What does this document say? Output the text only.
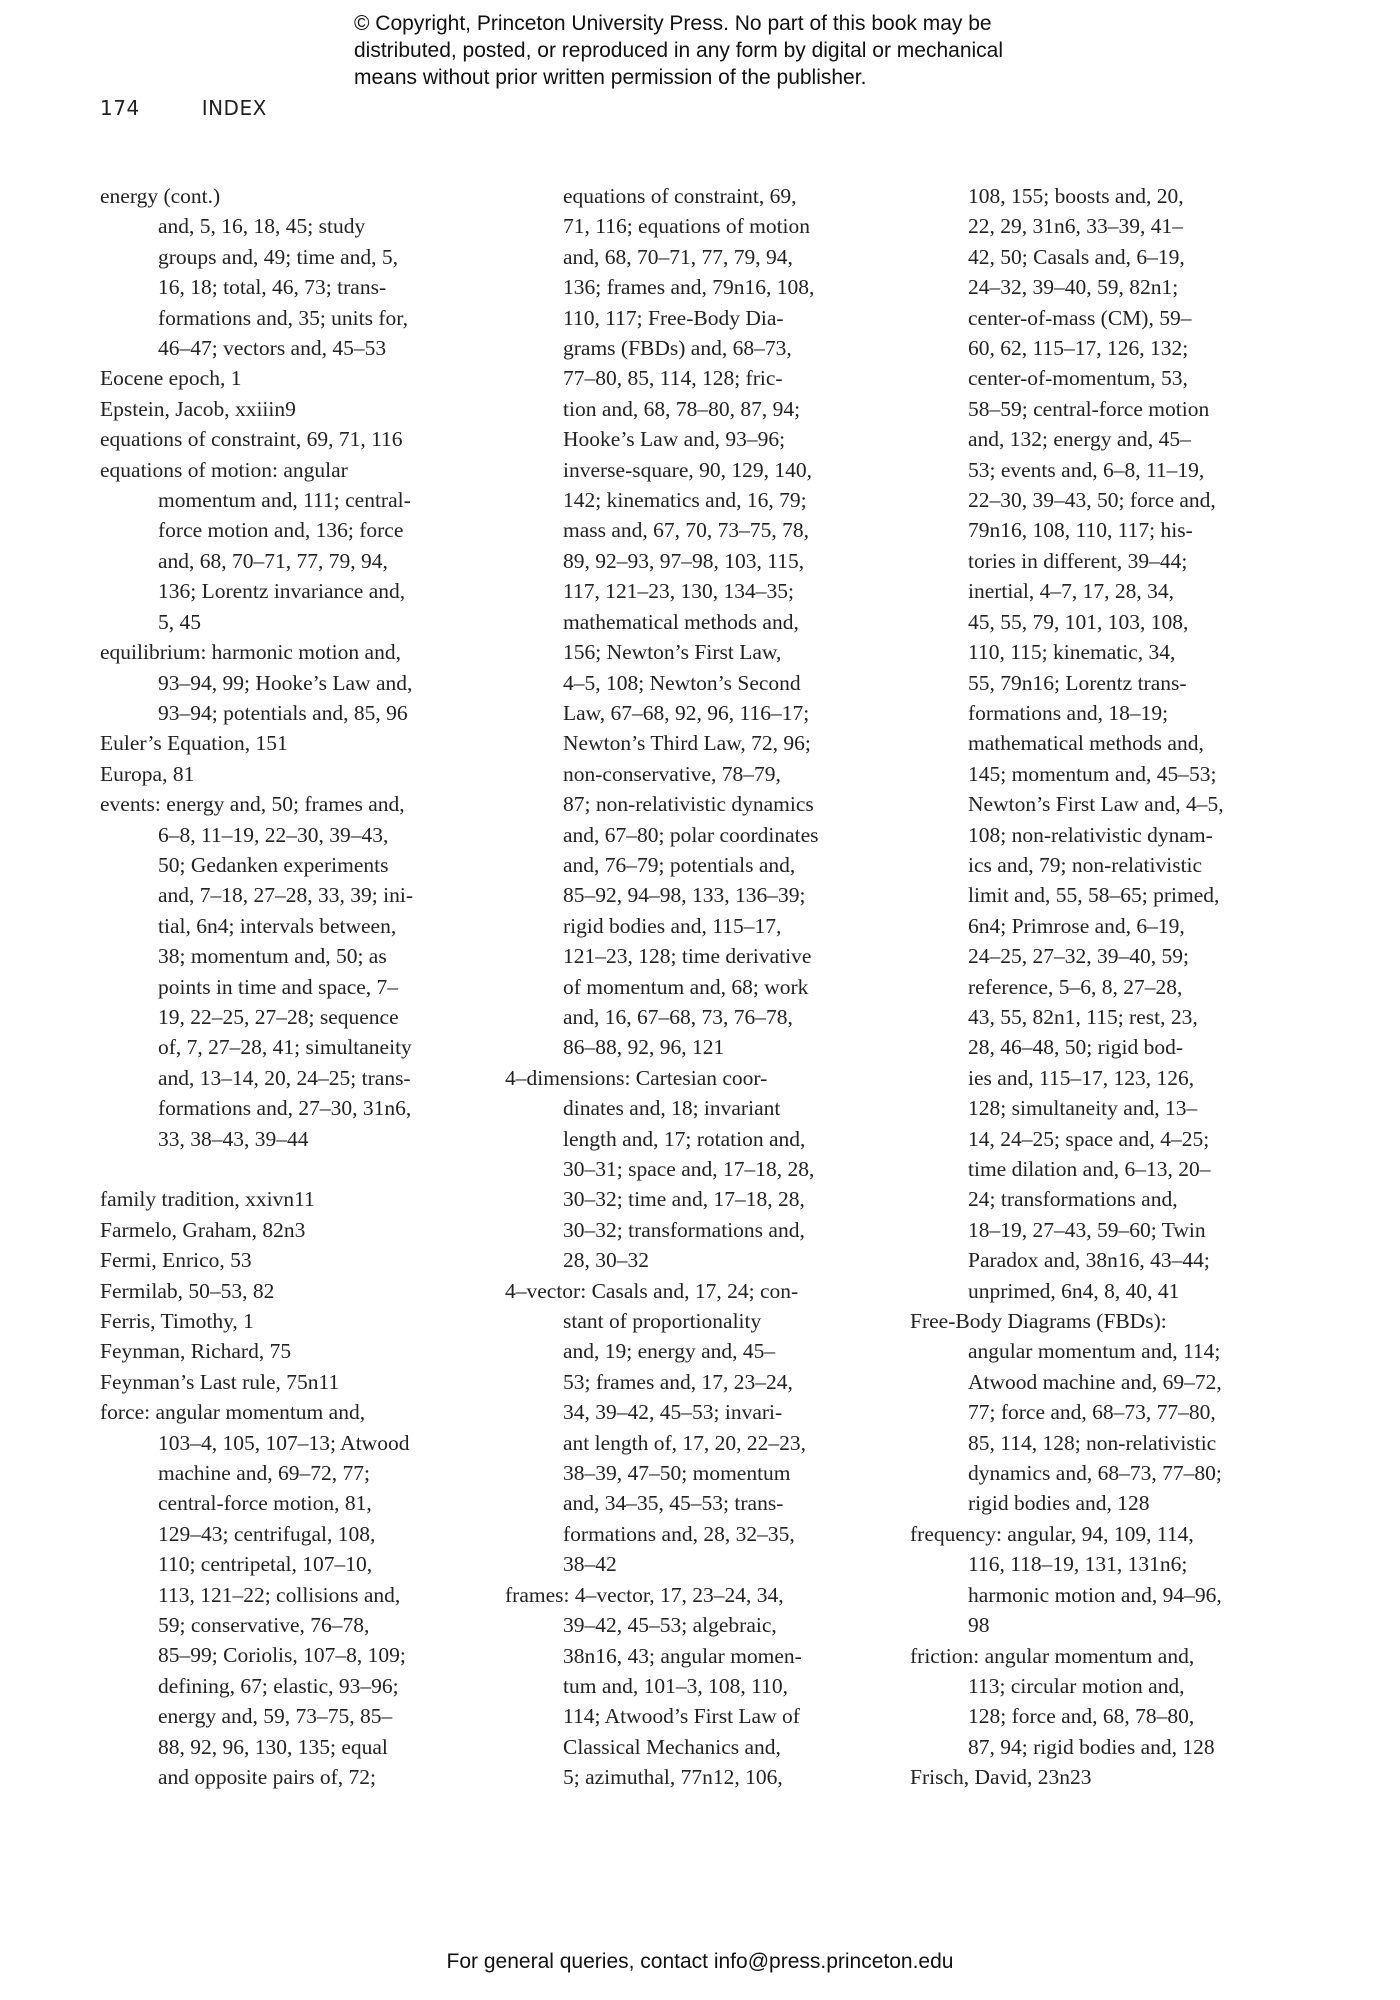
© Copyright, Princeton University Press. No part of this book may be
distributed, posted, or reproduced in any form by digital or mechanical
means without prior written permission of the publisher.
174	INDEX
energy (cont.)
and, 5, 16, 18, 45; study
groups and, 49; time and, 5,
16, 18; total, 46, 73; trans-
formations and, 35; units for,
46–47; vectors and, 45–53
Eocene epoch, 1
Epstein, Jacob, xxiiin9
equations of constraint, 69, 71, 116
equations of motion: angular
momentum and, 111; central-
force motion and, 136; force
and, 68, 70–71, 77, 79, 94,
136; Lorentz invariance and,
5, 45
equilibrium: harmonic motion and,
93–94, 99; Hooke’s Law and,
93–94; potentials and, 85, 96
Euler’s Equation, 151
Europa, 81
events: energy and, 50; frames and,
6–8, 11–19, 22–30, 39–43,
50; Gedanken experiments
and, 7–18, 27–28, 33, 39; ini-
tial, 6n4; intervals between,
38; momentum and, 50; as
points in time and space, 7–
19, 22–25, 27–28; sequence
of, 7, 27–28, 41; simultaneity
and, 13–14, 20, 24–25; trans-
formations and, 27–30, 31n6,
33, 38–43, 39–44
family tradition, xxivn11
Farmelo, Graham, 82n3
Fermi, Enrico, 53
Fermilab, 50–53, 82
Ferris, Timothy, 1
Feynman, Richard, 75
Feynman’s Last rule, 75n11
force: angular momentum and,
103–4, 105, 107–13; Atwood
machine and, 69–72, 77;
central-force motion, 81,
129–43; centrifugal, 108,
110; centripetal, 107–10,
113, 121–22; collisions and,
59; conservative, 76–78,
85–99; Coriolis, 107–8, 109;
defining, 67; elastic, 93–96;
energy and, 59, 73–75, 85–
88, 92, 96, 130, 135; equal
and opposite pairs of, 72;
equations of constraint, 69,
71, 116; equations of motion
and, 68, 70–71, 77, 79, 94,
136; frames and, 79n16, 108,
110, 117; Free-Body Dia-
grams (FBDs) and, 68–73,
77–80, 85, 114, 128; fric-
tion and, 68, 78–80, 87, 94;
Hooke’s Law and, 93–96;
inverse-square, 90, 129, 140,
142; kinematics and, 16, 79;
mass and, 67, 70, 73–75, 78,
89, 92–93, 97–98, 103, 115,
117, 121–23, 130, 134–35;
mathematical methods and,
156; Newton’s First Law,
4–5, 108; Newton’s Second
Law, 67–68, 92, 96, 116–17;
Newton’s Third Law, 72, 96;
non-conservative, 78–79,
87; non-relativistic dynamics
and, 67–80; polar coordinates
and, 76–79; potentials and,
85–92, 94–98, 133, 136–39;
rigid bodies and, 115–17,
121–23, 128; time derivative
of momentum and, 68; work
and, 16, 67–68, 73, 76–78,
86–88, 92, 96, 121
4–dimensions: Cartesian coor-
dinates and, 18; invariant
length and, 17; rotation and,
30–31; space and, 17–18, 28,
30–32; time and, 17–18, 28,
30–32; transformations and,
28, 30–32
4–vector: Casals and, 17, 24; con-
stant of proportionality
and, 19; energy and, 45–
53; frames and, 17, 23–24,
34, 39–42, 45–53; invari-
ant length of, 17, 20, 22–23,
38–39, 47–50; momentum
and, 34–35, 45–53; trans-
formations and, 28, 32–35,
38–42
frames: 4–vector, 17, 23–24, 34,
39–42, 45–53; algebraic,
38n16, 43; angular momen-
tum and, 101–3, 108, 110,
114; Atwood’s First Law of
Classical Mechanics and,
5; azimuthal, 77n12, 106,
108, 155; boosts and, 20,
22, 29, 31n6, 33–39, 41–
42, 50; Casals and, 6–19,
24–32, 39–40, 59, 82n1;
center-of-mass (CM), 59–
60, 62, 115–17, 126, 132;
center-of-momentum, 53,
58–59; central-force motion
and, 132; energy and, 45–
53; events and, 6–8, 11–19,
22–30, 39–43, 50; force and,
79n16, 108, 110, 117; his-
tories in different, 39–44;
inertial, 4–7, 17, 28, 34,
45, 55, 79, 101, 103, 108,
110, 115; kinematic, 34,
55, 79n16; Lorentz trans-
formations and, 18–19;
mathematical methods and,
145; momentum and, 45–53;
Newton’s First Law and, 4–5,
108; non-relativistic dynam-
ics and, 79; non-relativistic
limit and, 55, 58–65; primed,
6n4; Primrose and, 6–19,
24–25, 27–32, 39–40, 59;
reference, 5–6, 8, 27–28,
43, 55, 82n1, 115; rest, 23,
28, 46–48, 50; rigid bod-
ies and, 115–17, 123, 126,
128; simultaneity and, 13–
14, 24–25; space and, 4–25;
time dilation and, 6–13, 20–
24; transformations and,
18–19, 27–43, 59–60; Twin
Paradox and, 38n16, 43–44;
unprimed, 6n4, 8, 40, 41
Free-Body Diagrams (FBDs):
angular momentum and, 114;
Atwood machine and, 69–72,
77; force and, 68–73, 77–80,
85, 114, 128; non-relativistic
dynamics and, 68–73, 77–80;
rigid bodies and, 128
frequency: angular, 94, 109, 114,
116, 118–19, 131, 131n6;
harmonic motion and, 94–96,
98
friction: angular momentum and,
113; circular motion and,
128; force and, 68, 78–80,
87, 94; rigid bodies and, 128
Frisch, David, 23n23
For general queries, contact info@press.princeton.edu
